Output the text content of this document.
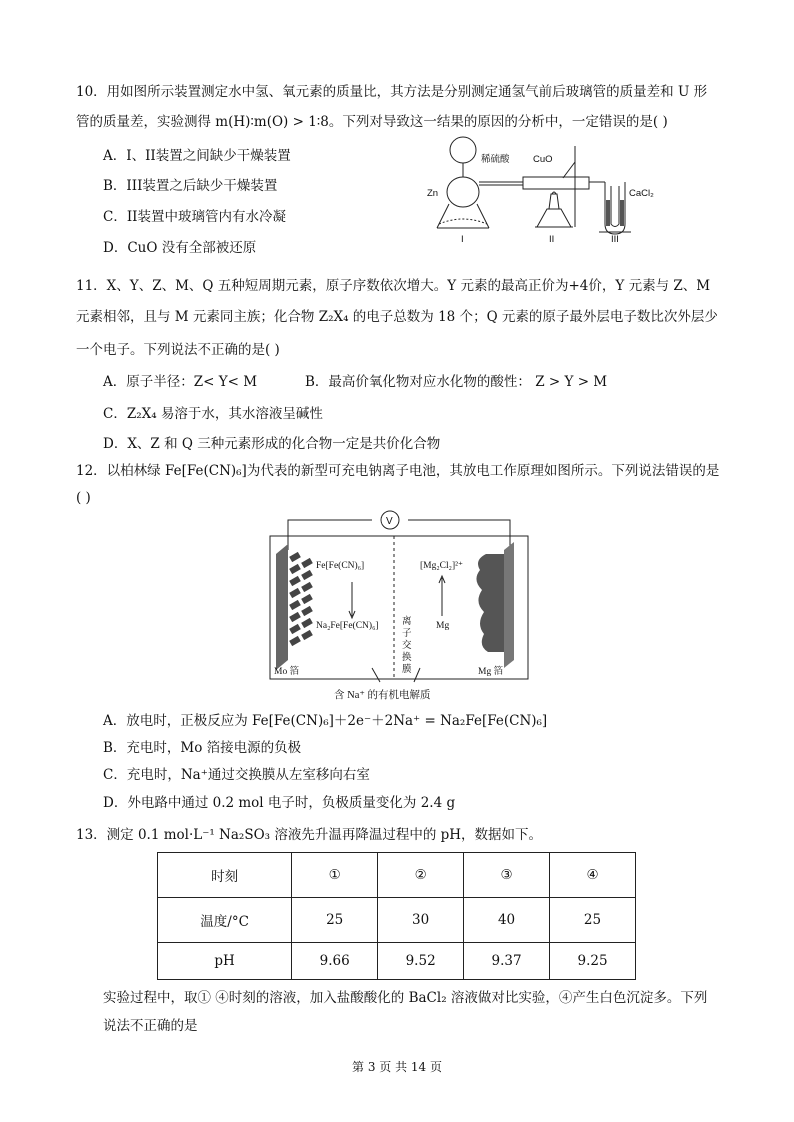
10．用如图所示装置测定水中氢、氧元素的质量比，其方法是分别测定通氢气前后玻璃管的质量差和 U 形
管的质量差，实验测得 m(H)∶m(O) > 1∶8。下列对导致这一结果的原因的分析中，一定错误的是( )
A．I、II装置之间缺少干燥装置
B．III装置之后缺少干燥装置
C．II装置中玻璃管内有水冷凝
D．CuO 没有全部被还原
稀硫酸 CuO
Zn	CaCl₂
I	II	III
11．X、Y、Z、M、Q 五种短周期元素，原子序数依次增大。Y 元素的最高正价为+4价，Y 元素与 Z、M
元素相邻，且与 M 元素同主族；化合物 Z₂X₄ 的电子总数为 18 个；Q 元素的原子最外层电子数比次外层少
一个电子。下列说法不正确的是( )
A．原子半径：Z< Y< M	B．最高价氧化物对应水化物的酸性： Z > Y > M
C．Z₂X₄ 易溶于水，其水溶液呈碱性
D．X、Z 和 Q 三种元素形成的化合物一定是共价化合物
12．以柏林绿 Fe[Fe(CN)₆]为代表的新型可充电钠离子电池，其放电工作原理如图所示。下列说法错误的是
( )
V
Fe[Fe(CN)₆]
Na₂Fe[Fe(CN)₆]
[Mg₂Cl₂]²⁺
Mg
离
子
交
换
膜
Mo 箔	Mg 箔
含 Na⁺ 的有机电解质
A．放电时，正极反应为 Fe[Fe(CN)₆]＋2e⁻＋2Na⁺ = Na₂Fe[Fe(CN)₆]
B．充电时，Mo 箔接电源的负极
C．充电时，Na⁺通过交换膜从左室移向右室
D．外电路中通过 0.2 mol 电子时，负极质量变化为 2.4 g
13．测定 0.1 mol·L⁻¹ Na₂SO₃ 溶液先升温再降温过程中的 pH，数据如下。
时刻	①	②	③	④
温度/°C	25	30	40	25
pH	9.66	9.52	9.37	9.25
实验过程中，取① ④时刻的溶液，加入盐酸酸化的 BaCl₂ 溶液做对比实验，④产生白色沉淀多。下列
说法不正确的是
第 3 页 共 14 页
